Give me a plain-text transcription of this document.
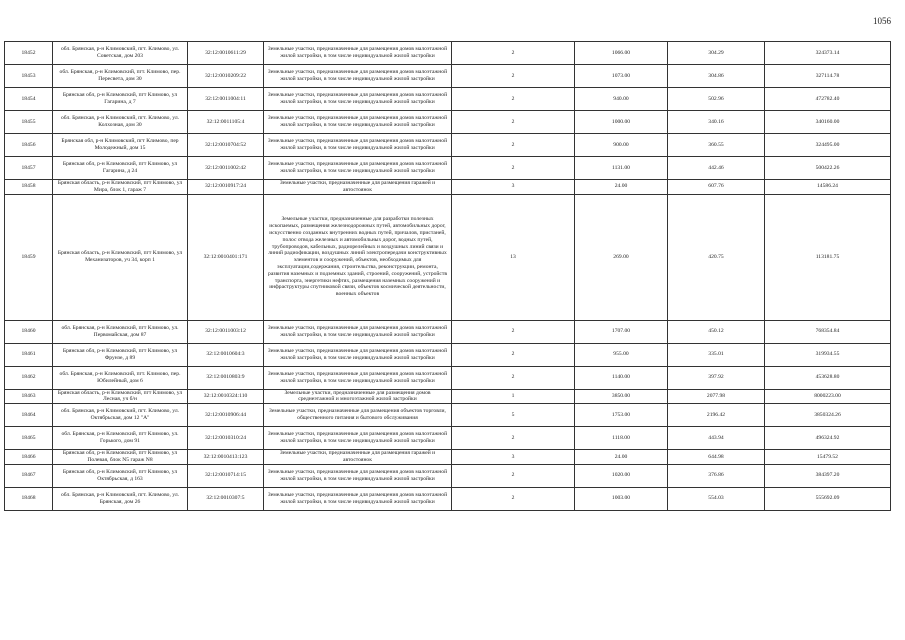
1056
18452	обл. Брянская, р-н Климовский, пгт. Климово, ул. Советская, дом 203	32:12:0010611:29	Земельные участки, предназначенные для размещения домов малоэтажной жилой застройки, в том числе индивидуальной жилой застройки	2	1066.00	304.29	324373.14
18453	обл. Брянская, р-н Климовский, пгт. Климово, пер. Пересвета, дом 30	32:12:0010209:22	Земельные участки, предназначенные для размещения домов малоэтажной жилой застройки, в том числе индивидуальной жилой застройки	2	1073.00	304.86	327114.78
18454	Брянская обл, р-н Климовский, пгт Климово, ул Гагарина, д 7	32:12:0011004:11	Земельные участки, предназначенные для размещения домов малоэтажной жилой застройки, в том числе индивидуальной жилой застройки	2	940.00	502.96	472782.40
18455	обл. Брянская, р-н Климовский, пгт. Климово, ул. Колхозная, дом 30	32:12:0011105:4	Земельные участки, предназначенные для размещения домов малоэтажной жилой застройки, в том числе индивидуальной жилой застройки	2	1000.00	340.16	340160.00
18456	Брянская обл, р-н Климовский, пгт Климово, пер Молодежный, дом 15	32:12:0010704:52	Земельные участки, предназначенные для размещения домов малоэтажной жилой застройки, в том числе индивидуальной жилой застройки	2	900.00	360.55	324495.00
18457	Брянская обл, р-н Климовский, пгт Климово, ул Гагарина, д 24	32:12:0011002:42	Земельные участки, предназначенные для размещения домов малоэтажной жилой застройки, в том числе индивидуальной жилой застройки	2	1131.00	442.46	500422.26
18458	Брянская область, р-н Климовский, пгт Климово, ул Мира, блок 1, гараж 7	32:12:0010917:24	Земельные участки, предназначенные для размещения гаражей и автостоянок	3	24.00	607.76	14586.24
18459	Брянская область, р-н Климовский, пгт Климово, ул Механизаторов, уч 34, корп 1	32:12:0010401:171	Земельные участки, предназначенные для разработки полезных ископаемых, размещения железнодорожных путей, автомобильных дорог, искусственно созданных внутренних водных путей, причалов, пристаней, полос отвода железных и автомобильных дорог, водных путей, трубопроводов, кабельных, радиорелейных и воздушных линий связи и линий радиофикации, воздушных линий электропередачи конструктивных элементов и сооружений, объектов, необходимых для эксплуатации,содержания, строительства, реконструкции, ремонта, развития наземных и подземных зданий, строений, сооружений, устройств транспорта, энергетики нефтях, размещения наземных сооружений и инфраструктуры спутниковой связи, объектов космической деятельности, военных объектов	13	269.00	420.75	113181.75
18460	обл. Брянская, р-н Климовский, пгт Климово, ул. Первомайская, дом 87	32:12:0011003:12	Земельные участки, предназначенные для размещения домов малоэтажной жилой застройки, в том числе индивидуальной жилой застройки	2	1707.00	450.12	768354.84
18461	Брянская обл, р-н Климовский, пгт Климово, ул Фрунзе, д 89	32:12:0010604:3	Земельные участки, предназначенные для размещения домов малоэтажной жилой застройки, в том числе индивидуальной жилой застройки	2	955.00	335.01	319934.55
18462	обл. Брянская, р-н Климовский, пгт. Климово, пер. Юбилейный, дом 6	32:12:0010803:9	Земельные участки, предназначенные для размещения домов малоэтажной жилой застройки, в том числе индивидуальной жилой застройки	2	1140.00	397.92	453628.80
18463	Брянская область, р-н Климовский, пгт Климово, ул Лесная, уч б/н	32:12:0010324:110	Земельные участки, предназначенные для размещения домов среднеэтажной и многоэтажной жилой застройки	1	3850.00	2077.98	8000223.00
18464	обл. Брянская, р-н Климовский, пгт. Климово, ул. Октябрьская, дом 12 "А"	32:12:0010906:44	Земельные участки, предназначенные для размещения объектов торговли, общественного питания и бытового обслуживания	5	1753.00	2196.42	3850324.26
18465	обл. Брянская, р-н Климовский, пгт Климово, ул. Горького, дом 91	32:12:0010310:24	Земельные участки, предназначенные для размещения домов малоэтажной жилой застройки, в том числе индивидуальной жилой застройки	2	1118.00	443.94	496324.92
18466	Брянская обл, р-н Климовский, пгт Климово, ул Полевая, блок N5 гараж N8	32:12:0010413:123	Земельные участки, предназначенные для размещения гаражей и автостоянок	3	24.00	644.98	15479.52
18467	Брянская обл, р-н Климовский, пгт Климово, ул Октябрьская, д 163	32:12:0010714:15	Земельные участки, предназначенные для размещения домов малоэтажной жилой застройки, в том числе индивидуальной жилой застройки	2	1020.00	376.86	384397.20
18468	обл. Брянская, р-н Климовский, пгт. Климово, ул. Брянская, дом 26	32:12:0010307:5	Земельные участки, предназначенные для размещения домов малоэтажной жилой застройки, в том числе индивидуальной жилой застройки	2	1003.00	554.03	555692.09
